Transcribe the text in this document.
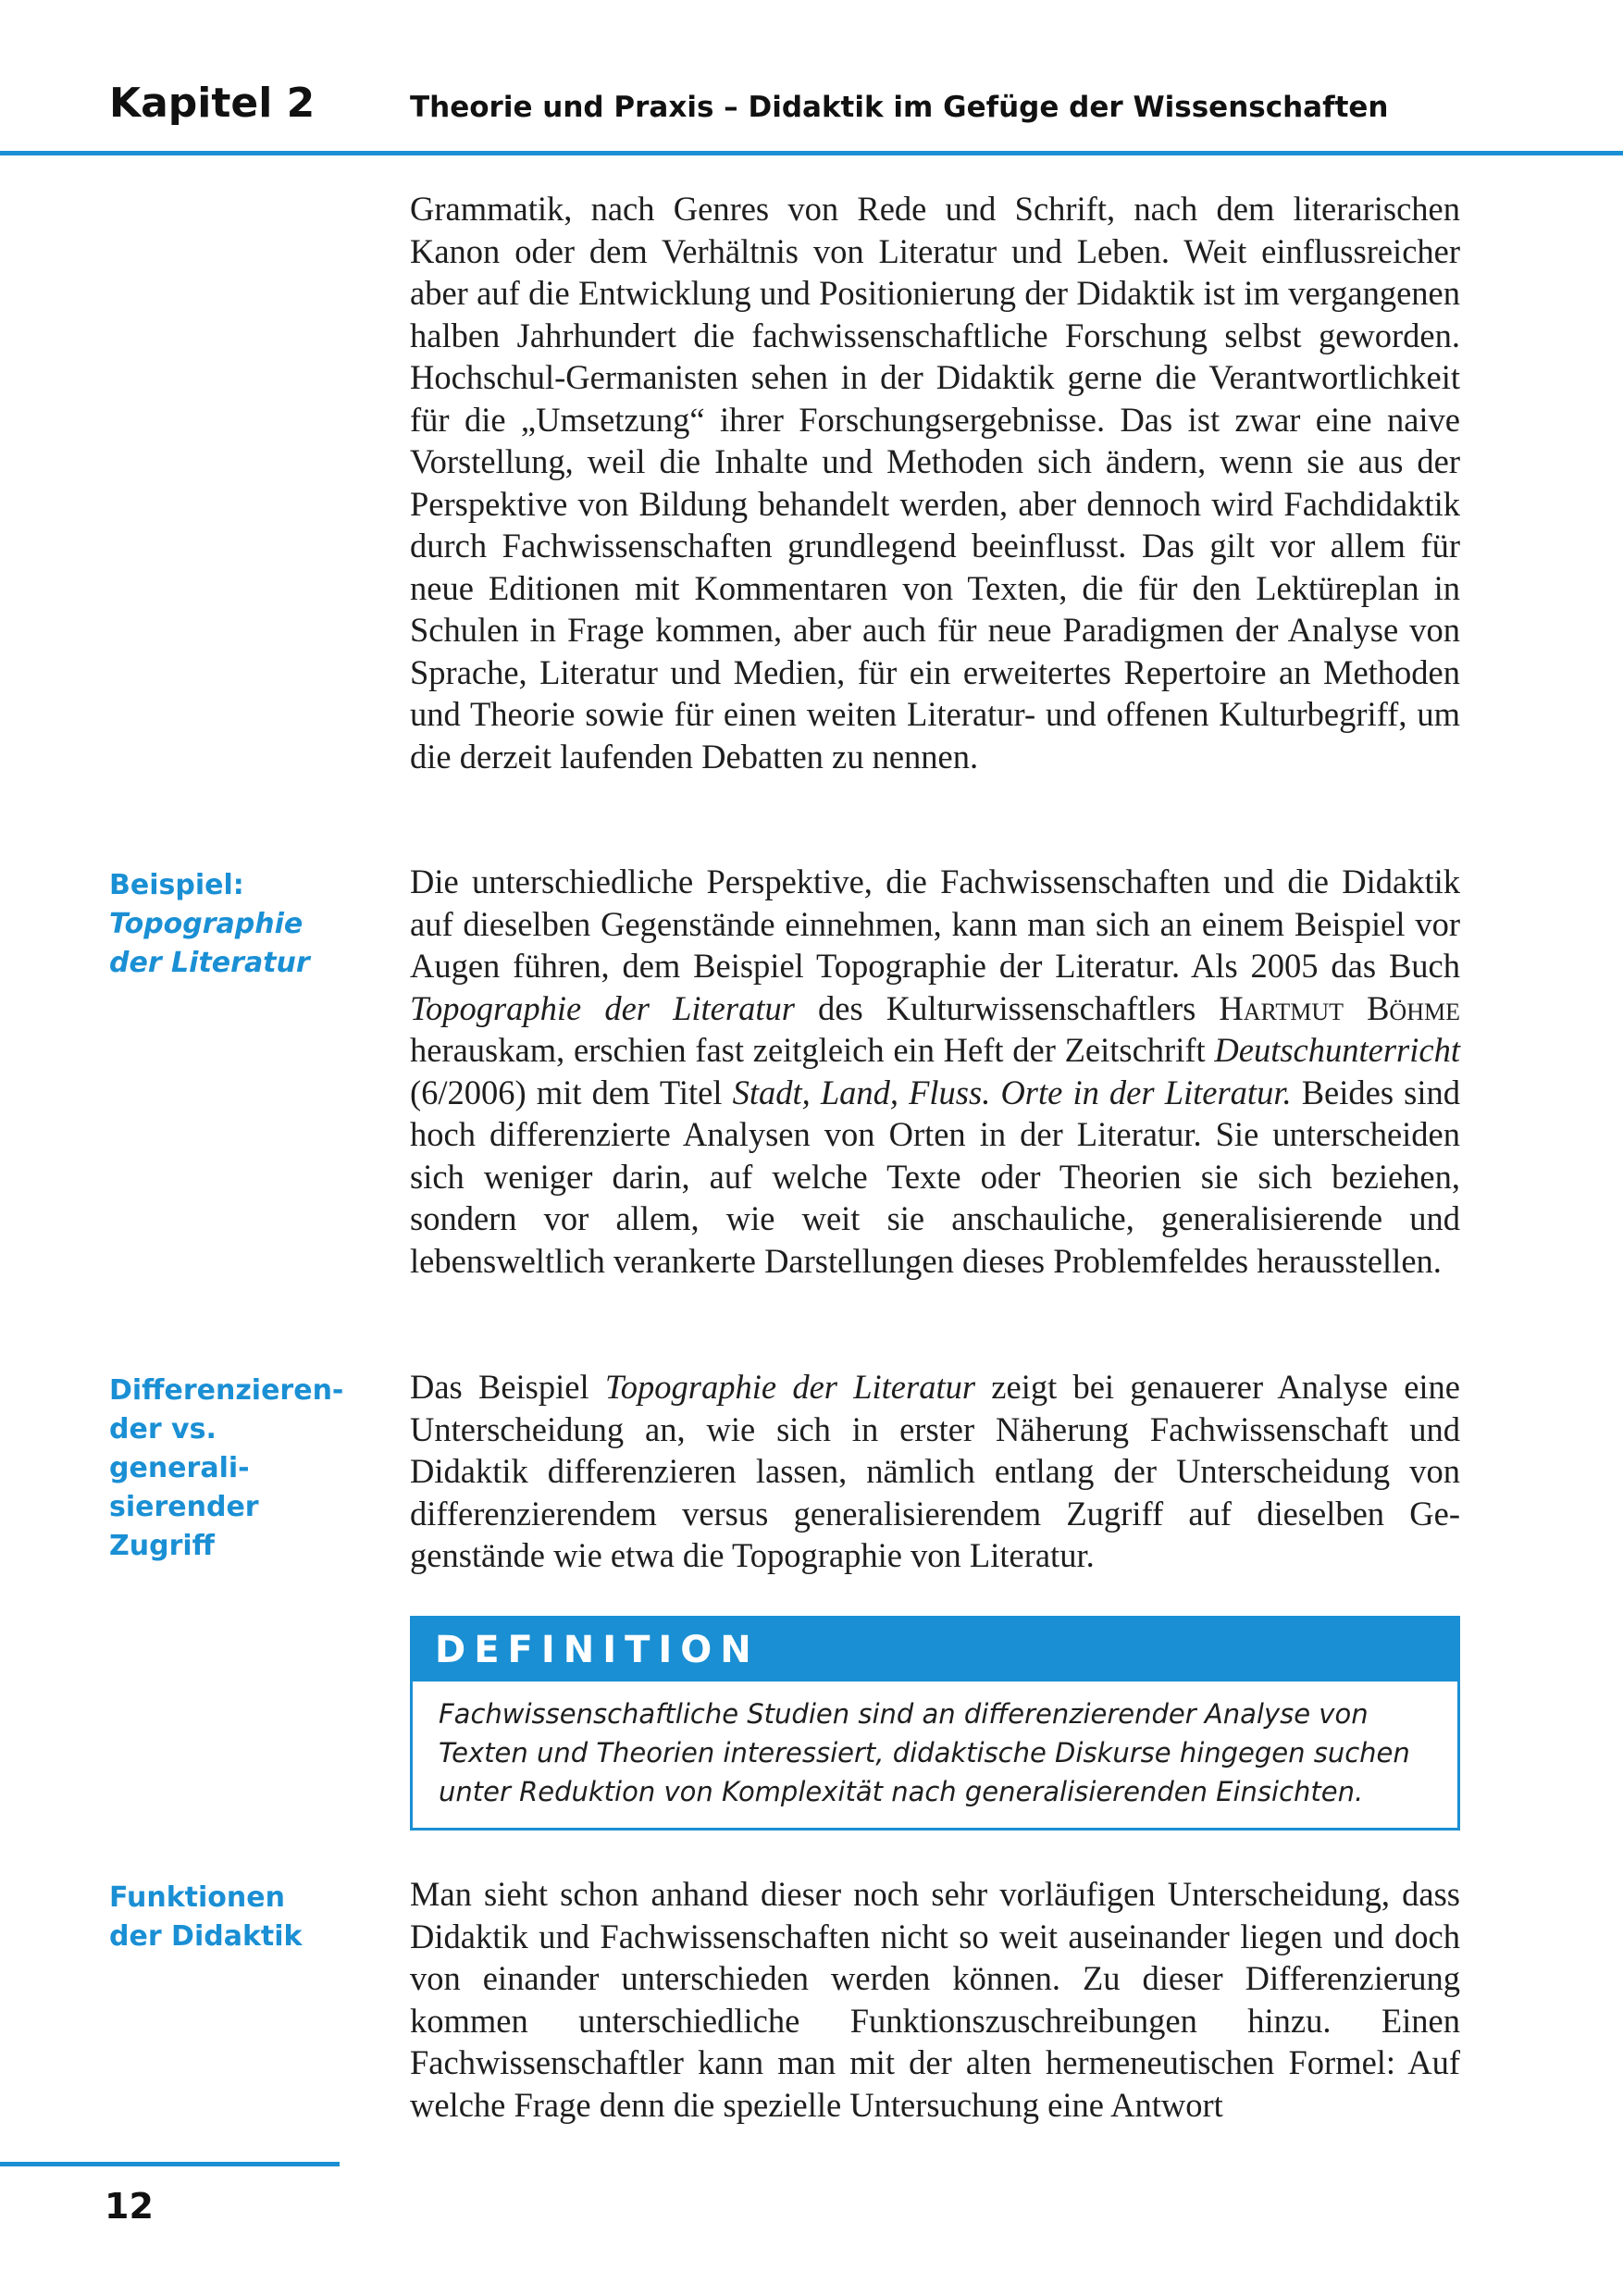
Kapitel 2	Theorie und Praxis – Didaktik im Gefüge der Wissenschaften

Grammatik, nach Genres von Rede und Schrift, nach dem literarischen Kanon oder dem Verhältnis von Literatur und Leben. Weit einflussreicher aber auf die Entwicklung und Positionierung der Didaktik ist im vergangenen halben Jahrhundert die fachwissenschaftliche Forschung selbst geworden. Hochschul-Germanisten sehen in der Didaktik gerne die Verantwortlichkeit für die „Umsetzung“ ihrer Forschungsergebnisse. Das ist zwar eine naive Vorstellung, weil die Inhalte und Methoden sich ändern, wenn sie aus der Perspektive von Bildung behandelt werden, aber dennoch wird Fachdidaktik durch Fachwissenschaften grundlegend beeinflusst. Das gilt vor allem für neue Editionen mit Kommentaren von Texten, die für den Lektüreplan in Schulen in Frage kommen, aber auch für neue Paradigmen der Analyse von Sprache, Literatur und Medien, für ein erweitertes Repertoire an Methoden und Theorie sowie für einen weiten Literatur- und offenen Kulturbegriff, um die derzeit laufenden Debatten zu nennen.

Beispiel:
Topographie
der Literatur

Die unterschiedliche Perspektive, die Fachwissenschaften und die Didaktik auf dieselben Gegenstände einnehmen, kann man sich an einem Beispiel vor Augen führen, dem Beispiel Topographie der Literatur. Als 2005 das Buch Topographie der Literatur des Kulturwissenschaftlers Hartmut Böhme herauskam, erschien fast zeitgleich ein Heft der Zeitschrift Deutschunterricht (6/2006) mit dem Titel Stadt, Land, Fluss. Orte in der Literatur. Beides sind hoch differenzierte Analysen von Orten in der Literatur. Sie unterscheiden sich weniger darin, auf welche Texte oder Theorien sie sich beziehen, sondern vor allem, wie weit sie anschauliche, generalisierende und lebensweltlich verankerte Darstellungen dieses Problemfeldes herausstellen.

Differenzieren-
der vs. generali-
sierender Zugriff

Das Beispiel Topographie der Literatur zeigt bei genauerer Analyse eine Unterscheidung an, wie sich in erster Näherung Fachwissenschaft und Didaktik differenzieren lassen, nämlich entlang der Unterscheidung von differenzierendem versus generalisierendem Zugriff auf dieselben Gegenstände wie etwa die Topographie von Literatur.

DEFINITION

Fachwissenschaftliche Studien sind an differenzierender Analyse von Texten und Theorien interessiert, didaktische Diskurse hingegen suchen unter Reduktion von Komplexität nach generalisierenden Einsichten.

Funktionen
der Didaktik

Man sieht schon anhand dieser noch sehr vorläufigen Unterscheidung, dass Didaktik und Fachwissenschaften nicht so weit auseinander liegen und doch von einander unterschieden werden können. Zu dieser Differenzierung kommen unterschiedliche Funktionszuschreibungen hinzu. Einen Fachwissenschaftler kann man mit der alten hermeneutischen Formel: Auf welche Frage denn die spezielle Untersuchung eine Antwort

12
